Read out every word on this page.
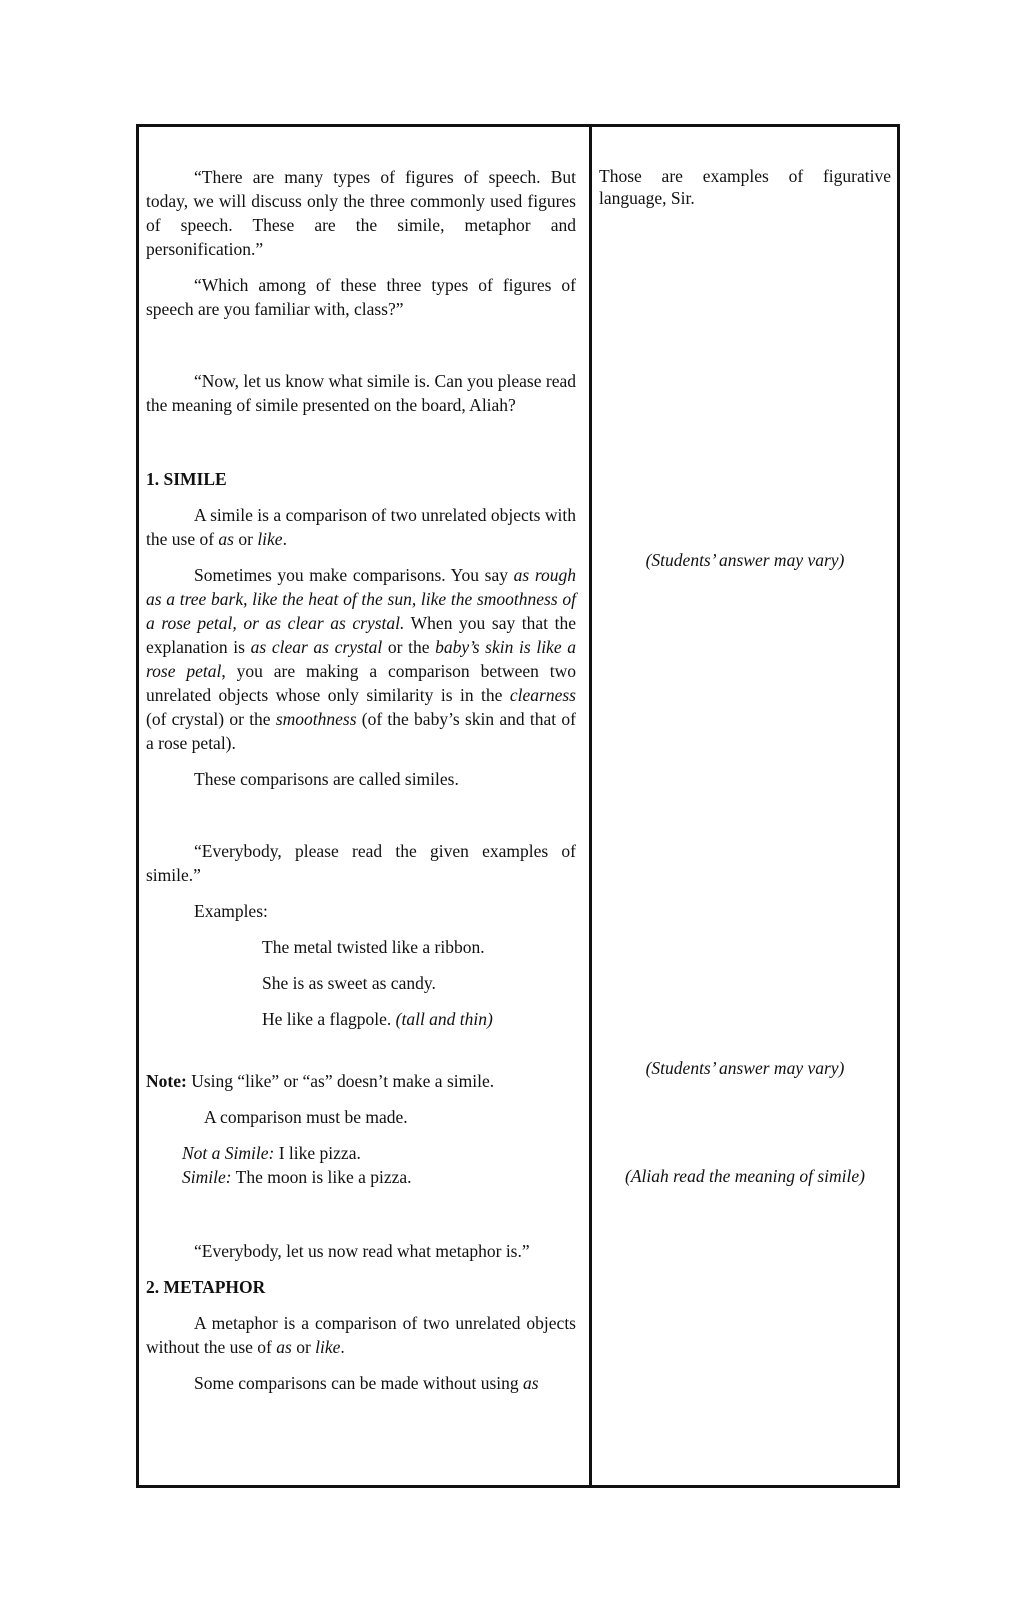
“There are many types of figures of speech. But today, we will discuss only the three commonly used figures of speech. These are the simile, metaphor and personification.”

“Which among of these three types of figures of speech are you familiar with, class?”

“Now, let us know what simile is. Can you please read the meaning of simile presented on the board, Aliah?

1. SIMILE

A simile is a comparison of two unrelated objects with the use of as or like.

Sometimes you make comparisons. You say as rough as a tree bark, like the heat of the sun, like the smoothness of a rose petal, or as clear as crystal. When you say that the explanation is as clear as crystal or the baby’s skin is like a rose petal, you are making a comparison between two unrelated objects whose only similarity is in the clearness (of crystal) or the smoothness (of the baby’s skin and that of a rose petal).

These comparisons are called similes.

“Everybody, please read the given examples of simile.”

Examples:

The metal twisted like a ribbon.

She is as sweet as candy.

He like a flagpole. (tall and thin)

Note: Using “like” or “as” doesn’t make a simile.

A comparison must be made.

Not a Simile: I like pizza.

Simile: The moon is like a pizza.

“Everybody, let us now read what metaphor is.”

2. METAPHOR

A metaphor is a comparison of two unrelated objects without the use of as or like.

Some comparisons can be made without using as

Those are examples of figurative language, Sir.

(Students’ answer may vary)

(Students’ answer may vary)

(Aliah read the meaning of simile)
